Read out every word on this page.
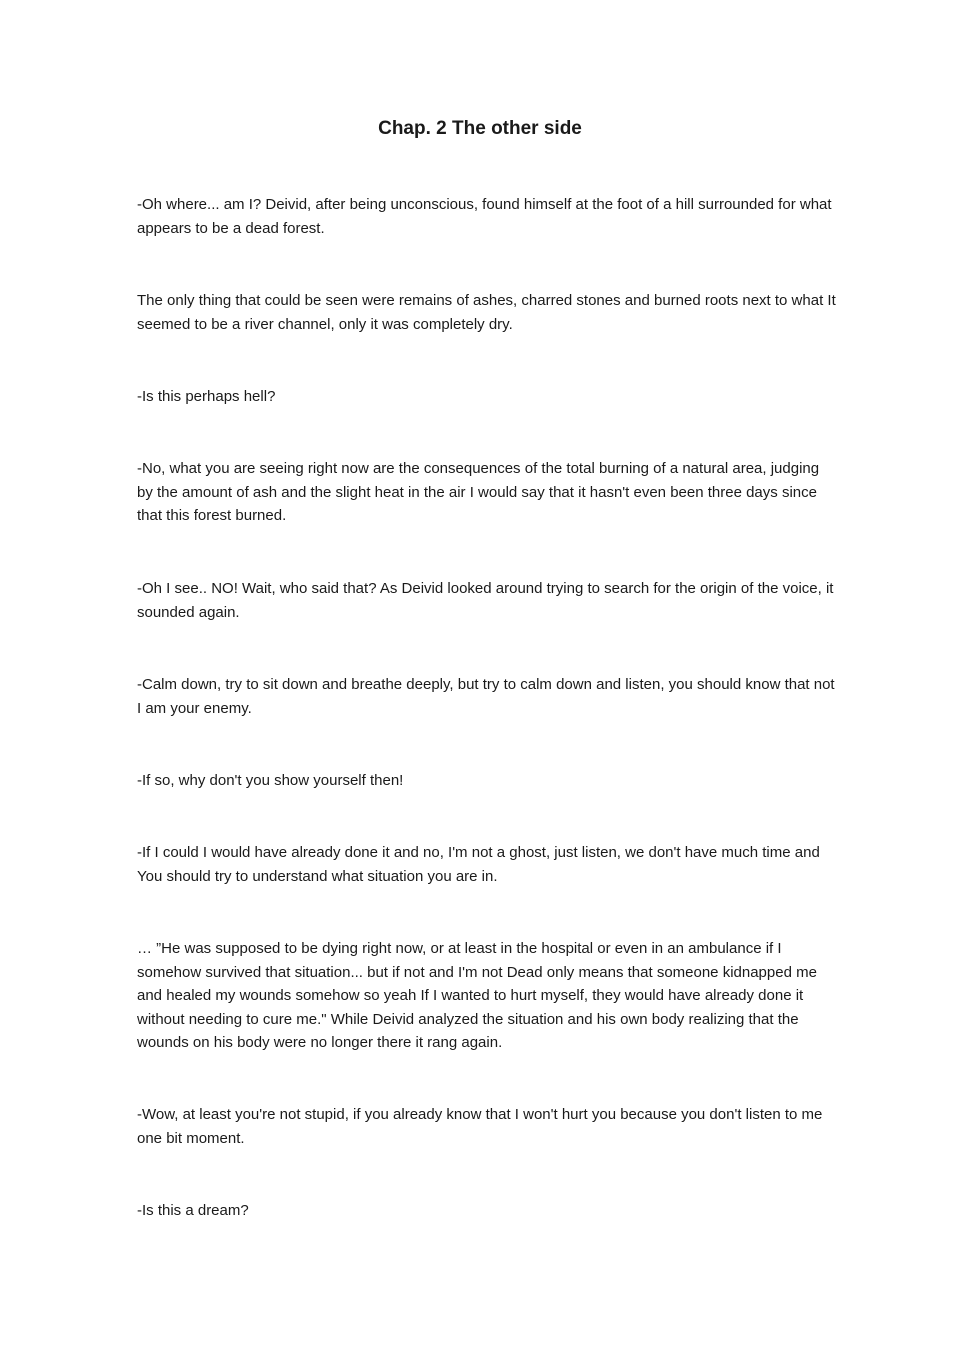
Chap. 2 The other side

-Oh where... am I? Deivid, after being unconscious, found himself at the foot of a hill surrounded for what appears to be a dead forest.

The only thing that could be seen were remains of ashes, charred stones and burned roots next to what It seemed to be a river channel, only it was completely dry.

-Is this perhaps hell?

-No, what you are seeing right now are the consequences of the total burning of a natural area, judging by the amount of ash and the slight heat in the air I would say that it hasn't even been three days since that this forest burned.

-Oh I see.. NO! Wait, who said that? As Deivid looked around trying to search for the origin of the voice, it sounded again.

-Calm down, try to sit down and breathe deeply, but try to calm down and listen, you should know that not I am your enemy.

-If so, why don't you show yourself then!

-If I could I would have already done it and no, I'm not a ghost, just listen, we don't have much time and You should try to understand what situation you are in.

… ”He was supposed to be dying right now, or at least in the hospital or even in an ambulance if I somehow survived that situation... but if not and I'm not Dead only means that someone kidnapped me and healed my wounds somehow so yeah If I wanted to hurt myself, they would have already done it without needing to cure me." While Deivid analyzed the situation and his own body realizing that the wounds on his body were no longer there it rang again.

-Wow, at least you're not stupid, if you already know that I won't hurt you because you don't listen to me one bit moment.

-Is this a dream?
